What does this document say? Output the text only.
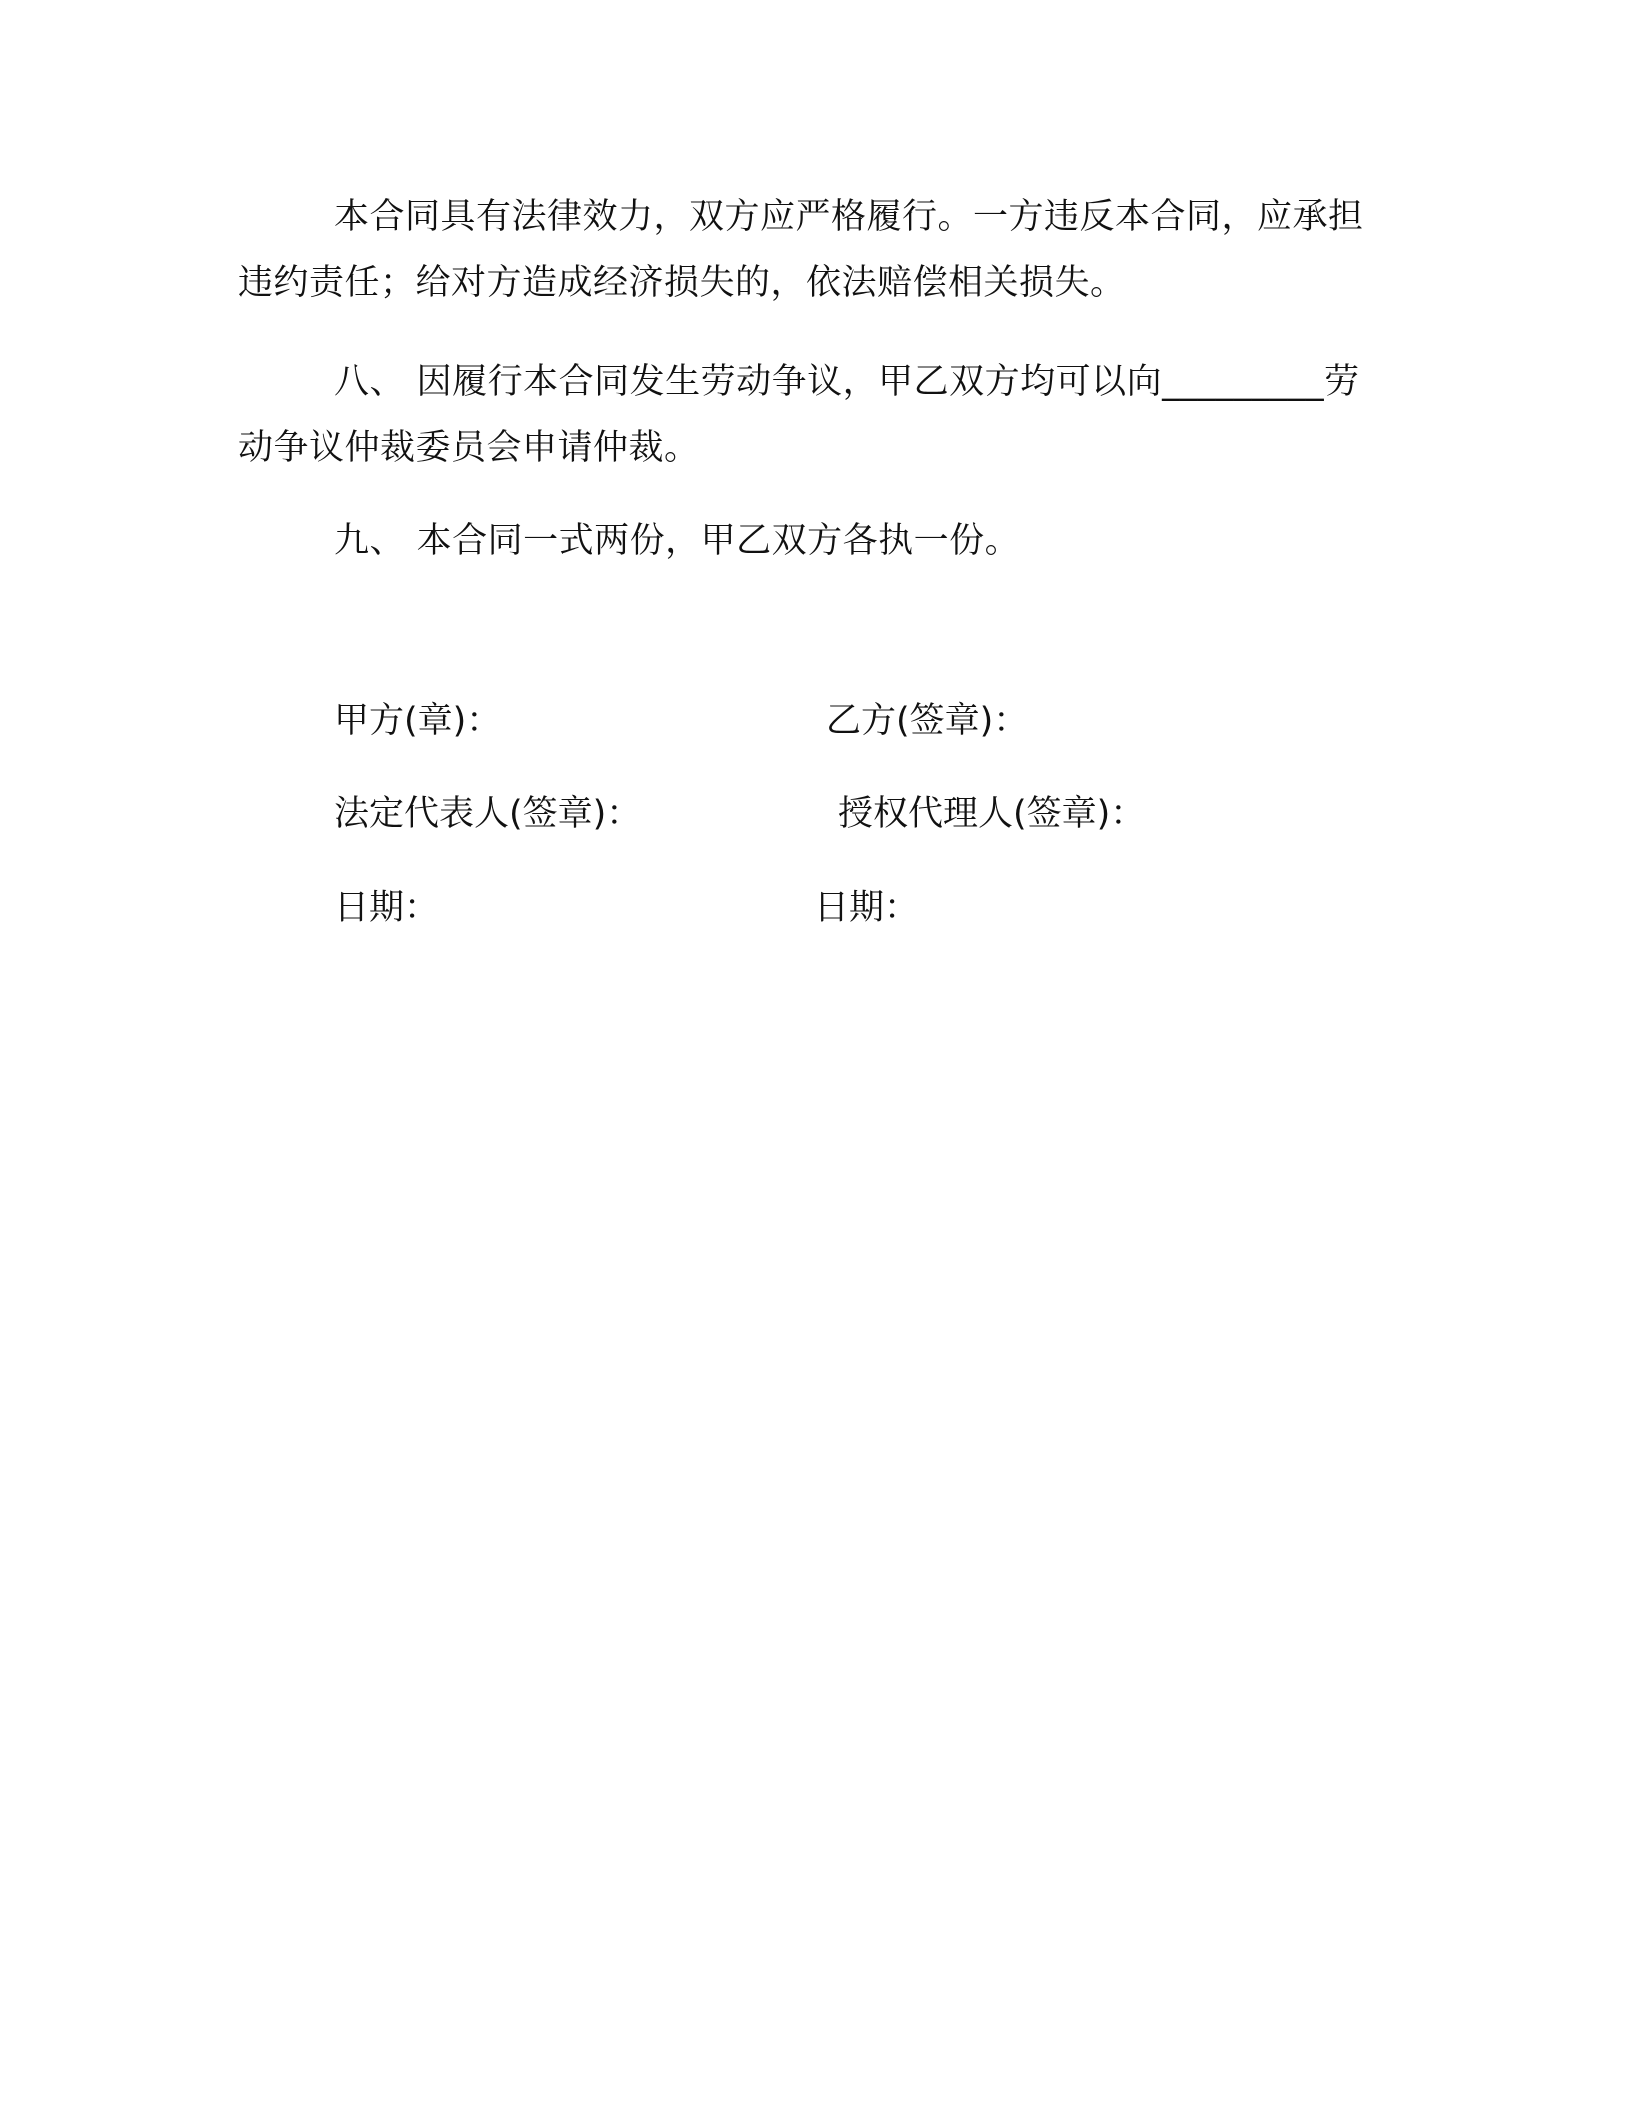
本合同具有法律效力，双方应严格履行。一方违反本合同，应承担违约责任；给对方造成经济损失的，依法赔偿相关损失。

八、 因履行本合同发生劳动争议，甲乙双方均可以向_________劳动争议仲裁委员会申请仲裁。

九、 本合同一式两份，甲乙双方各执一份。

甲方(章)：	乙方(签章)：

法定代表人(签章)：	授权代理人(签章)：

日期：	日期：
